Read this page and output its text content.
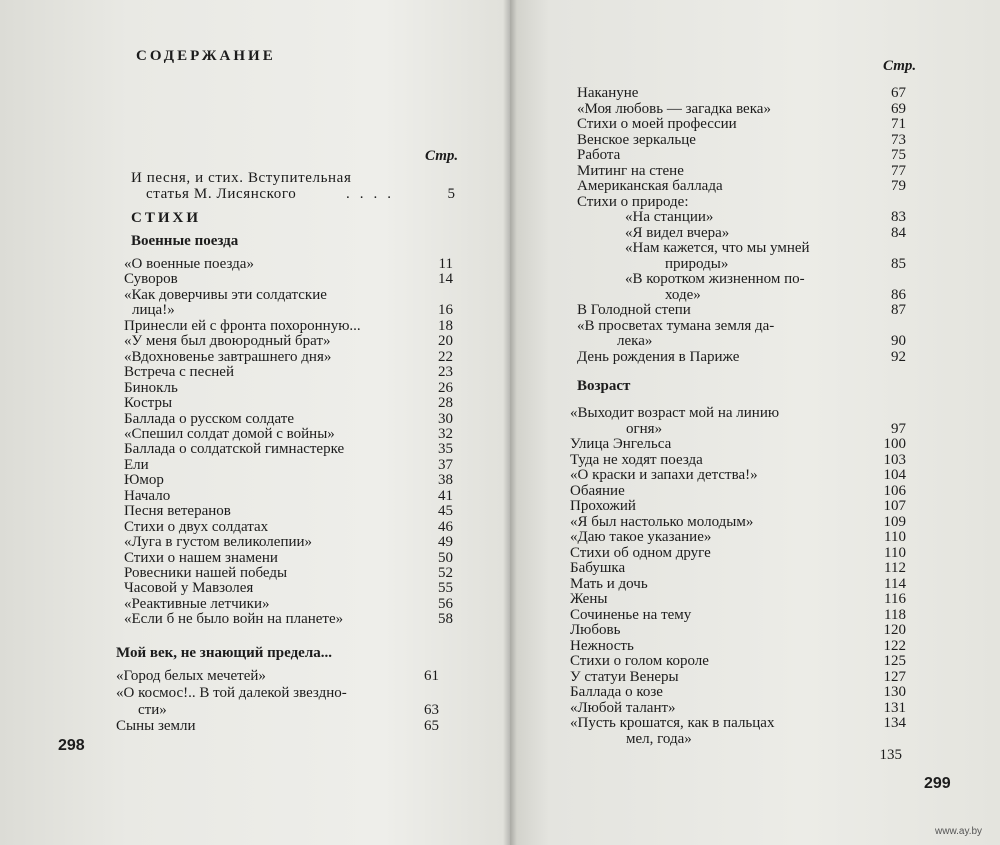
СОДЕРЖАНИЕ
Стр.
И песня, и стих. Вступительная
статья М. Лисянского	....	5
СТИХИ
Военные поезда
«О военные поезда»	11
Суворов	14
«Как доверчивы эти солдатские
лица!»	16
Принесли ей с фронта похоронную...	18
«У меня был двоюродный брат»	20
«Вдохновенье завтрашнего дня»	22
Встреча с песней	23
Бинокль	26
Костры	28
Баллада о русском солдате	30
«Спешил солдат домой с войны»	32
Баллада о солдатской гимнастерке	35
Ели	37
Юмор	38
Начало	41
Песня ветеранов	45
Стихи о двух солдатах	46
«Луга в густом великолепии»	49
Стихи о нашем знамени	50
Ровесники нашей победы	52
Часовой у Мавзолея	55
«Реактивные летчики»	56
«Если б не было войн на планете»	58
Мой век, не знающий предела...
«Город белых мечетей»	61
«О космос!.. В той далекой звездно-
сти»	63
Сыны земли	65
298
Стр.
Накануне	67
«Моя любовь — загадка века»	69
Стихи о моей профессии	71
Венское зеркальце	73
Работа	75
Митинг на стене	77
Американская баллада	79
Стихи о природе:
«На станции»	83
«Я видел вчера»	84
«Нам кажется, что мы умней
природы»	85
«В коротком жизненном по-
ходе»	86
В Голодной степи	87
«В просветах тумана земля да-
лека»	90
День рождения в Париже	92
Возраст
«Выходит возраст мой на линию
огня»	97
Улица Энгельса	100
Туда не ходят поезда	103
«О краски и запахи детства!»	104
Обаяние	106
Прохожий	107
«Я был настолько молодым»	109
«Даю такое указание»	110
Стихи об одном друге	110
Бабушка	112
Мать и дочь	114
Жены	116
Сочиненье на тему	118
Любовь	120
Нежность	122
Стихи о голом короле	125
У статуи Венеры	127
Баллада о козе	130
«Любой талант»	131
«Пусть крошатся, как в пальцах	134
мел, года»
135
299
www.ay.by
